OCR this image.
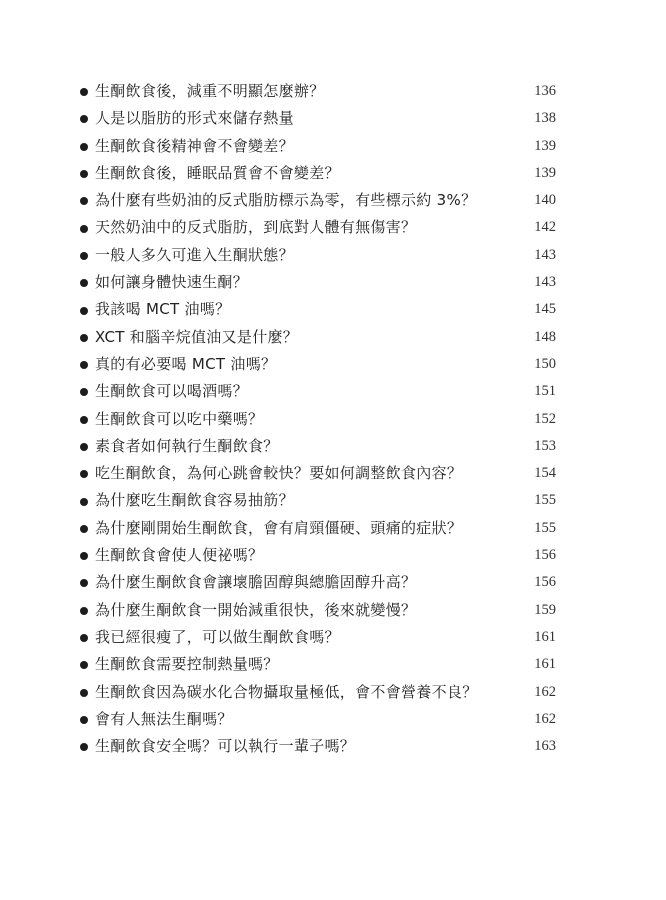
生酮飲食後，減重不明顯怎麼辦？	136
人是以脂肪的形式來儲存熱量	138
生酮飲食後精神會不會變差？	139
生酮飲食後，睡眠品質會不會變差？	139
為什麼有些奶油的反式脂肪標示為零，有些標示約 3%？	140
天然奶油中的反式脂肪，到底對人體有無傷害？	142
一般人多久可進入生酮狀態？	143
如何讓身體快速生酮？	143
我該喝 MCT 油嗎？	145
XCT 和腦辛烷值油又是什麼？	148
真的有必要喝 MCT 油嗎？	150
生酮飲食可以喝酒嗎？	151
生酮飲食可以吃中藥嗎？	152
素食者如何執行生酮飲食？	153
吃生酮飲食，為何心跳會較快？要如何調整飲食內容？	154
為什麼吃生酮飲食容易抽筋？	155
為什麼剛開始生酮飲食，會有肩頸僵硬、頭痛的症狀？	155
生酮飲食會使人便祕嗎？	156
為什麼生酮飲食會讓壞膽固醇與總膽固醇升高？	156
為什麼生酮飲食一開始減重很快，後來就變慢？	159
我已經很瘦了，可以做生酮飲食嗎？	161
生酮飲食需要控制熱量嗎？	161
生酮飲食因為碳水化合物攝取量極低，會不會營養不良？	162
會有人無法生酮嗎？	162
生酮飲食安全嗎？可以執行一輩子嗎？	163
